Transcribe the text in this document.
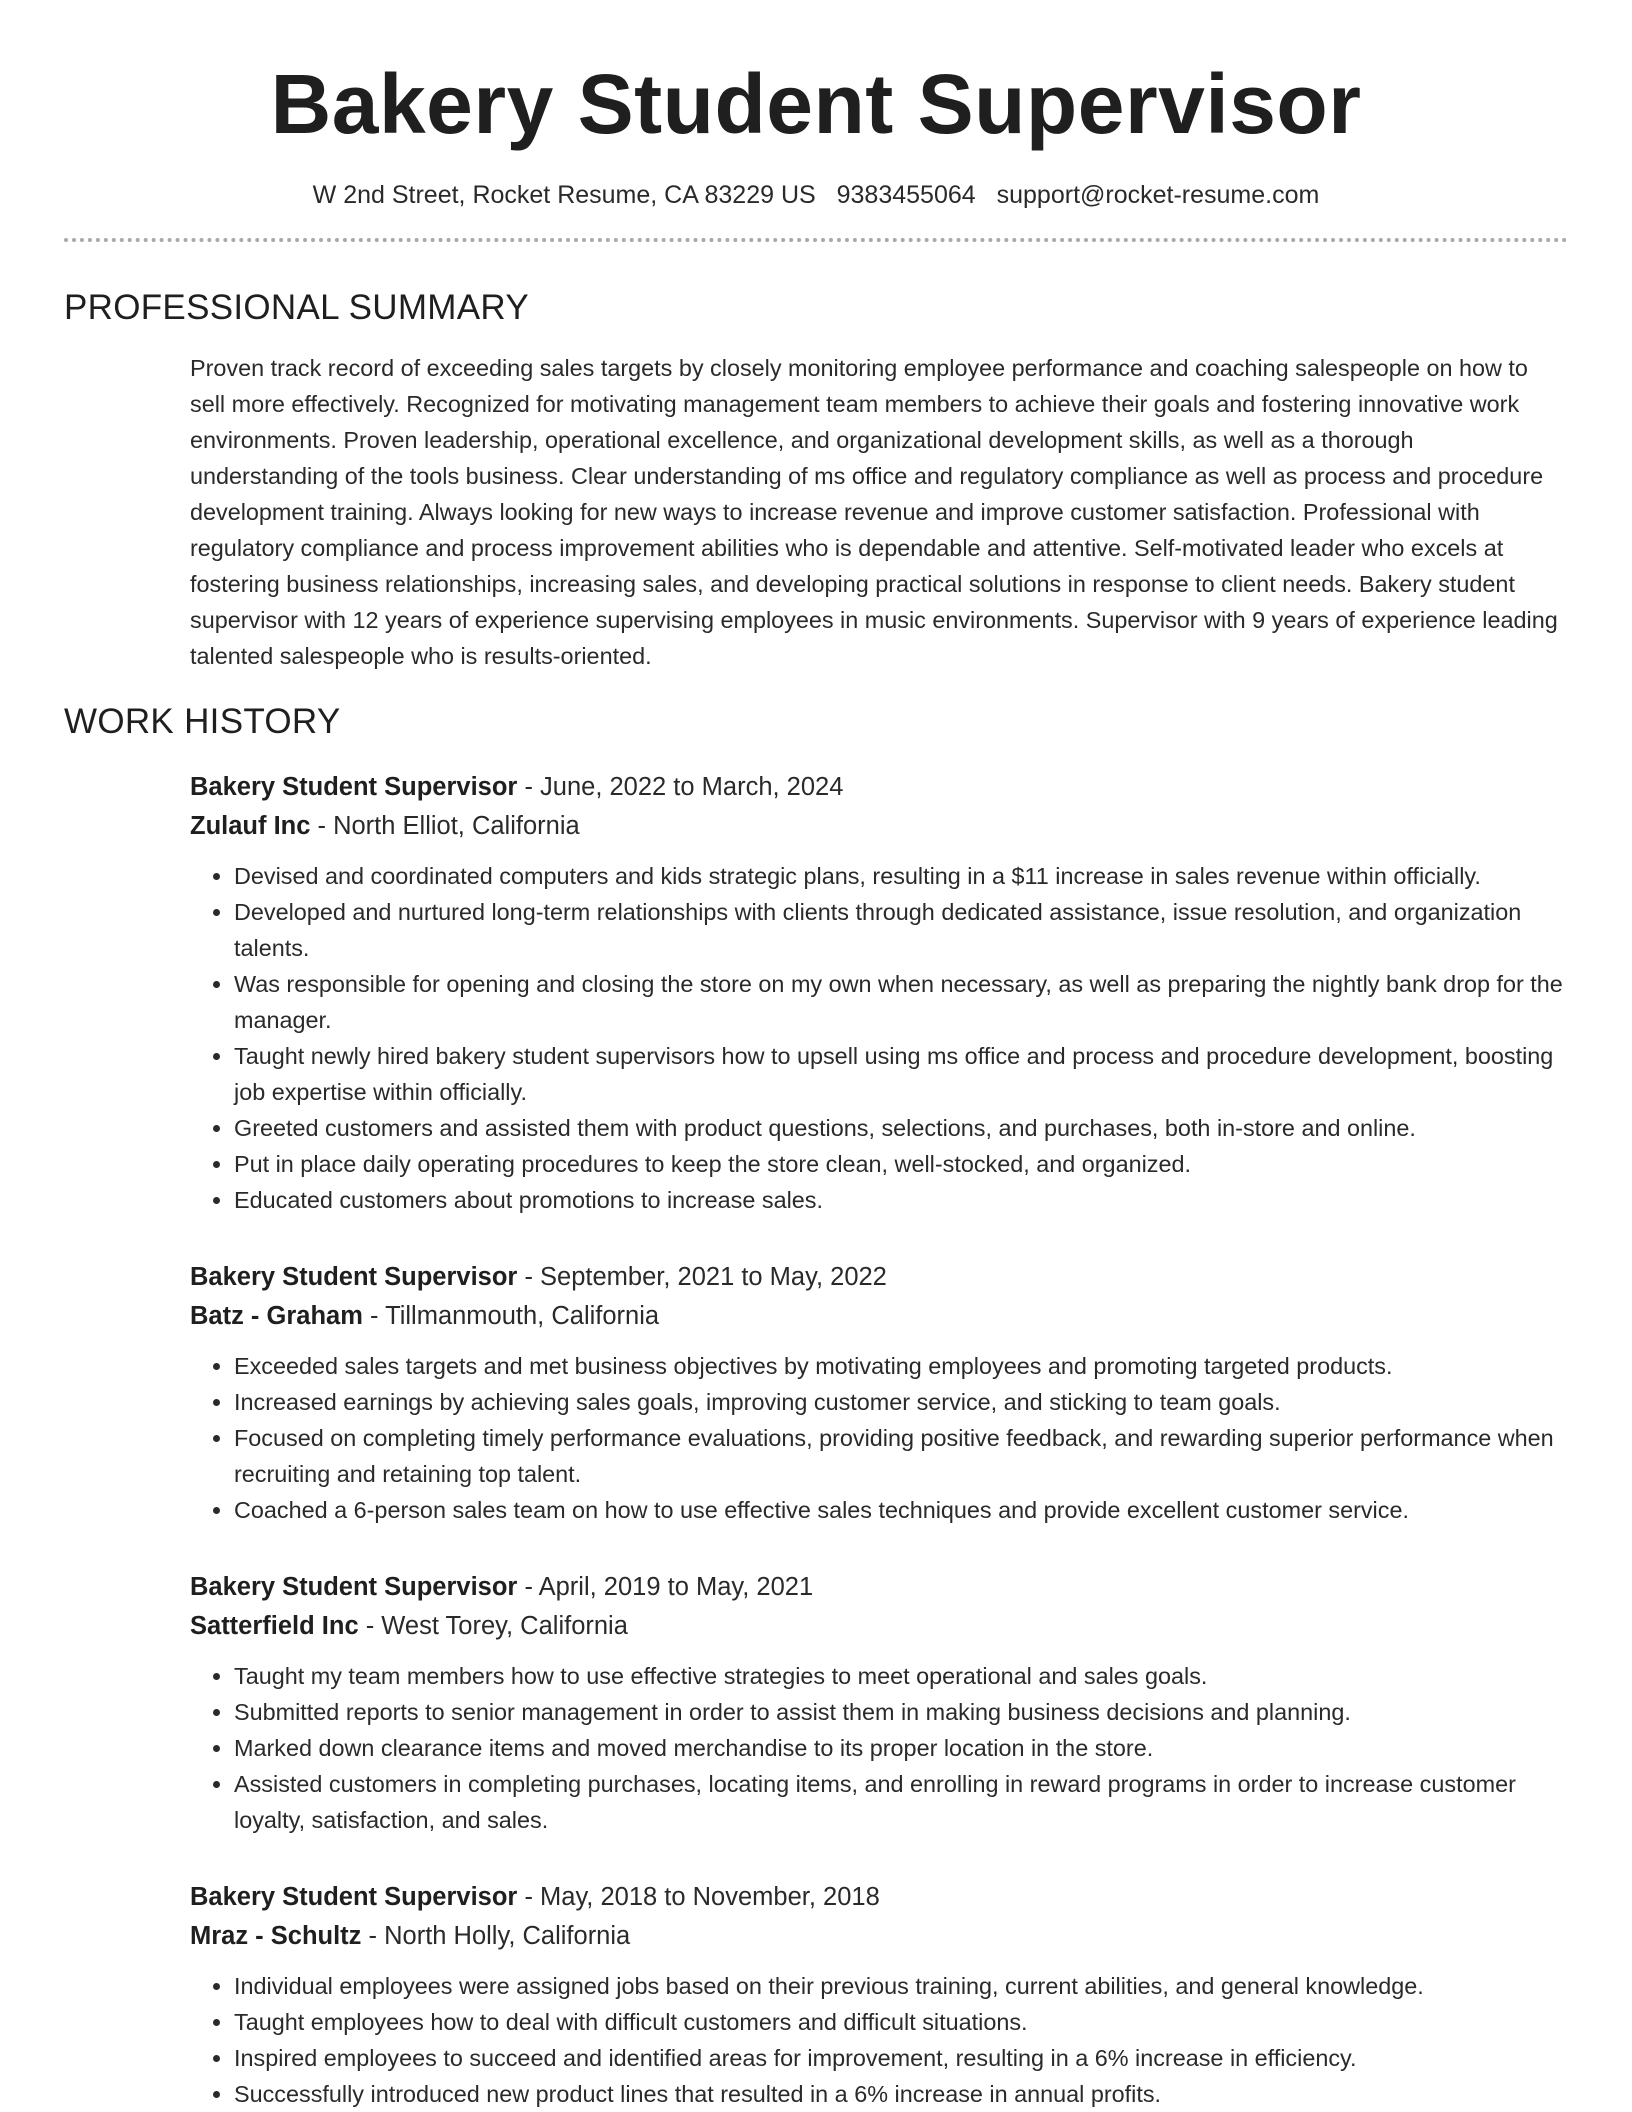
Bakery Student Supervisor
W 2nd Street, Rocket Resume, CA 83229 US 9383455064 support@rocket-resume.com
PROFESSIONAL SUMMARY
Proven track record of exceeding sales targets by closely monitoring employee performance and coaching salespeople on how to sell more effectively. Recognized for motivating management team members to achieve their goals and fostering innovative work environments. Proven leadership, operational excellence, and organizational development skills, as well as a thorough understanding of the tools business. Clear understanding of ms office and regulatory compliance as well as process and procedure development training. Always looking for new ways to increase revenue and improve customer satisfaction. Professional with regulatory compliance and process improvement abilities who is dependable and attentive. Self-motivated leader who excels at fostering business relationships, increasing sales, and developing practical solutions in response to client needs. Bakery student supervisor with 12 years of experience supervising employees in music environments. Supervisor with 9 years of experience leading talented salespeople who is results-oriented.
WORK HISTORY
Bakery Student Supervisor - June, 2022 to March, 2024
Zulauf Inc - North Elliot, California
• Devised and coordinated computers and kids strategic plans, resulting in a $11 increase in sales revenue within officially.
• Developed and nurtured long-term relationships with clients through dedicated assistance, issue resolution, and organization talents.
• Was responsible for opening and closing the store on my own when necessary, as well as preparing the nightly bank drop for the manager.
• Taught newly hired bakery student supervisors how to upsell using ms office and process and procedure development, boosting job expertise within officially.
• Greeted customers and assisted them with product questions, selections, and purchases, both in-store and online.
• Put in place daily operating procedures to keep the store clean, well-stocked, and organized.
• Educated customers about promotions to increase sales.
Bakery Student Supervisor - September, 2021 to May, 2022
Batz - Graham - Tillmanmouth, California
• Exceeded sales targets and met business objectives by motivating employees and promoting targeted products.
• Increased earnings by achieving sales goals, improving customer service, and sticking to team goals.
• Focused on completing timely performance evaluations, providing positive feedback, and rewarding superior performance when recruiting and retaining top talent.
• Coached a 6-person sales team on how to use effective sales techniques and provide excellent customer service.
Bakery Student Supervisor - April, 2019 to May, 2021
Satterfield Inc - West Torey, California
• Taught my team members how to use effective strategies to meet operational and sales goals.
• Submitted reports to senior management in order to assist them in making business decisions and planning.
• Marked down clearance items and moved merchandise to its proper location in the store.
• Assisted customers in completing purchases, locating items, and enrolling in reward programs in order to increase customer loyalty, satisfaction, and sales.
Bakery Student Supervisor - May, 2018 to November, 2018
Mraz - Schultz - North Holly, California
• Individual employees were assigned jobs based on their previous training, current abilities, and general knowledge.
• Taught employees how to deal with difficult customers and difficult situations.
• Inspired employees to succeed and identified areas for improvement, resulting in a 6% increase in efficiency.
• Successfully introduced new product lines that resulted in a 6% increase in annual profits.
